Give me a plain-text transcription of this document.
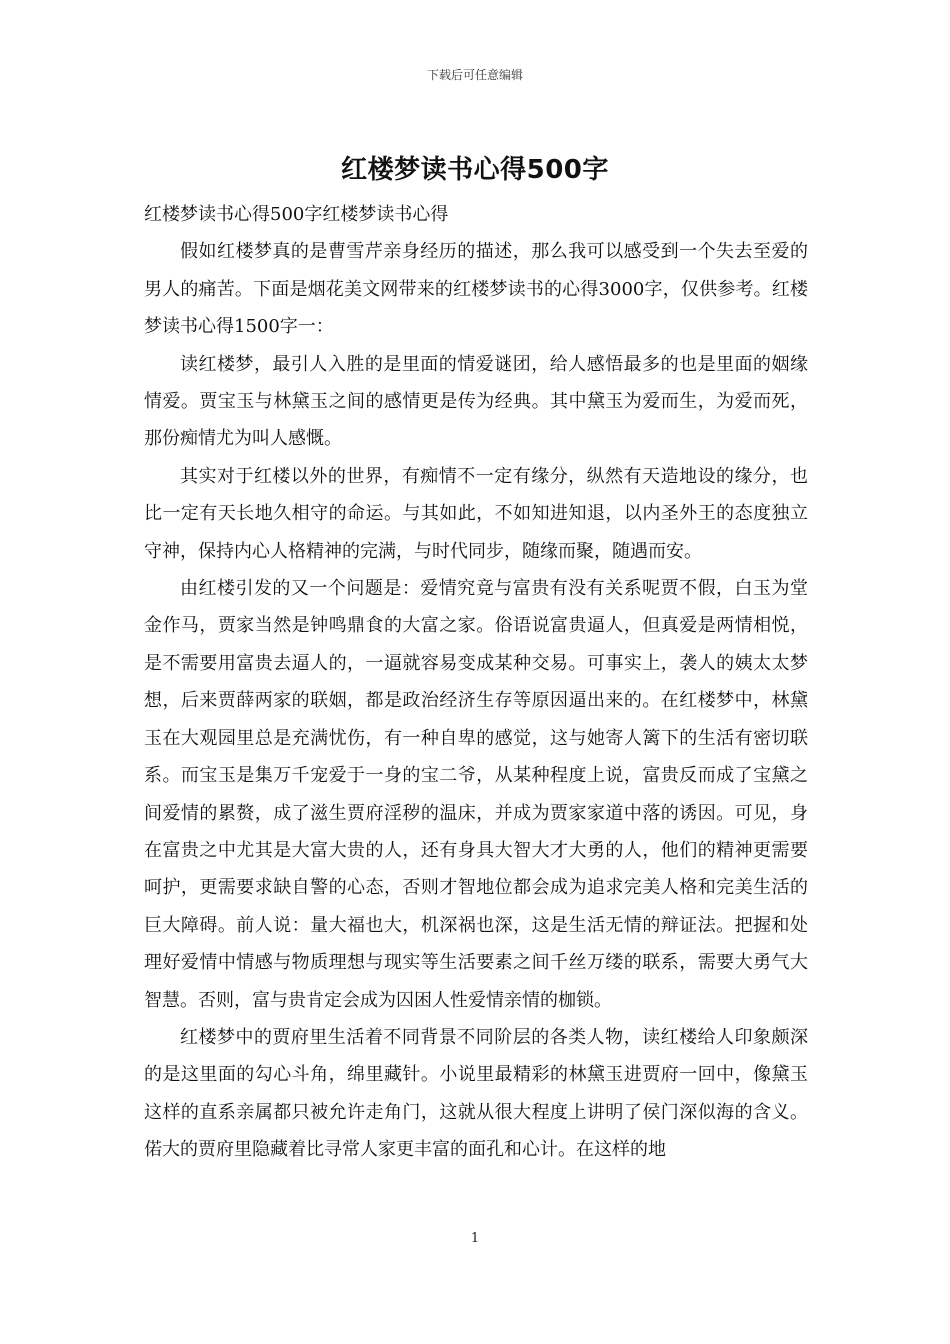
下载后可任意编辑
红楼梦读书心得500字

红楼梦读书心得500字红楼梦读书心得

假如红楼梦真的是曹雪芹亲身经历的描述，那么我可以感受到一个失去至爱的男人的痛苦。下面是烟花美文网带来的红楼梦读书的心得3000字，仅供参考。红楼梦读书心得1500字一：

读红楼梦，最引人入胜的是里面的情爱谜团，给人感悟最多的也是里面的姻缘情爱。贾宝玉与林黛玉之间的感情更是传为经典。其中黛玉为爱而生，为爱而死，那份痴情尤为叫人感慨。

其实对于红楼以外的世界，有痴情不一定有缘分，纵然有天造地设的缘分，也比一定有天长地久相守的命运。与其如此，不如知进知退，以内圣外王的态度独立守神，保持内心人格精神的完满，与时代同步，随缘而聚，随遇而安。

由红楼引发的又一个问题是：爱情究竟与富贵有没有关系呢贾不假，白玉为堂金作马，贾家当然是钟鸣鼎食的大富之家。俗语说富贵逼人，但真爱是两情相悦，是不需要用富贵去逼人的，一逼就容易变成某种交易。可事实上，袭人的姨太太梦想，后来贾薛两家的联姻，都是政治经济生存等原因逼出来的。在红楼梦中，林黛玉在大观园里总是充满忧伤，有一种自卑的感觉，这与她寄人篱下的生活有密切联系。而宝玉是集万千宠爱于一身的宝二爷，从某种程度上说，富贵反而成了宝黛之间爱情的累赘，成了滋生贾府淫秽的温床，并成为贾家家道中落的诱因。可见，身在富贵之中尤其是大富大贵的人，还有身具大智大才大勇的人，他们的精神更需要呵护，更需要求缺自警的心态，否则才智地位都会成为追求完美人格和完美生活的巨大障碍。前人说：量大福也大，机深祸也深，这是生活无情的辩证法。把握和处理好爱情中情感与物质理想与现实等生活要素之间千丝万缕的联系，需要大勇气大智慧。否则，富与贵肯定会成为囚困人性爱情亲情的枷锁。

红楼梦中的贾府里生活着不同背景不同阶层的各类人物，读红楼给人印象颇深的是这里面的勾心斗角，绵里藏针。小说里最精彩的林黛玉进贾府一回中，像黛玉这样的直系亲属都只被允许走角门，这就从很大程度上讲明了侯门深似海的含义。偌大的贾府里隐藏着比寻常人家更丰富的面孔和心计。在这样的地

1
